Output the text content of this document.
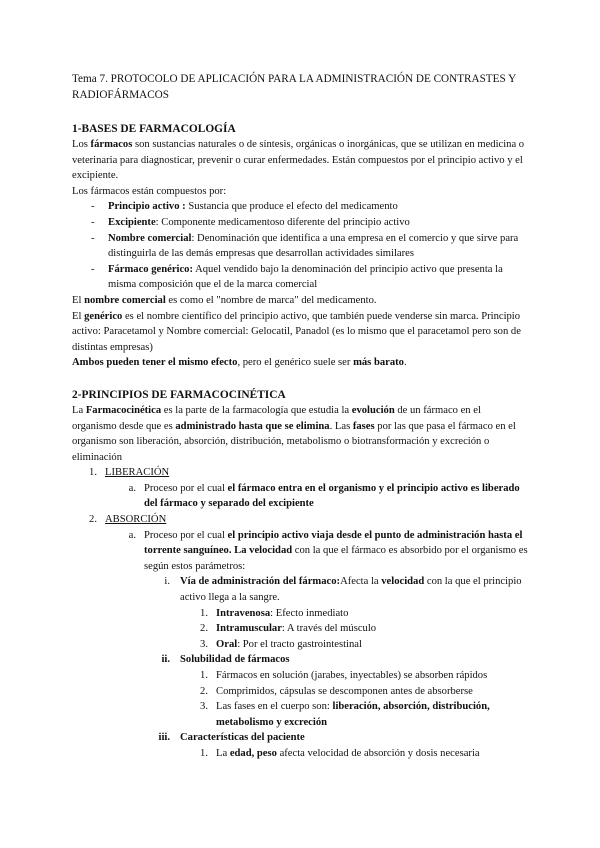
Tema 7. PROTOCOLO DE APLICACIÓN PARA LA ADMINISTRACIÓN DE CONTRASTES Y RADIOFÁRMACOS
1-BASES DE FARMACOLOGÍA

Los fármacos son sustancias naturales o de síntesis, orgánicas o inorgánicas, que se utilizan en medicina o veterinaria para diagnosticar, prevenir o curar enfermedades. Están compuestos por el principio activo y el excipiente.

Los fármacos están compuestos por:

- Principio activo : Sustancia que produce el efecto del medicamento
- Excipiente: Componente medicamentoso diferente del principio activo
- Nombre comercial: Denominación que identifica a una empresa en el comercio y que sirve para distinguirla de las demás empresas que desarrollan actividades similares
- Fármaco genérico: Aquel vendido bajo la denominación del principio activo que presenta la misma composición que el de la marca comercial

El nombre comercial es como el "nombre de marca" del medicamento.

El genérico es el nombre científico del principio activo, que también puede venderse sin marca. Principio activo: Paracetamol y Nombre comercial: Gelocatil, Panadol (es lo mismo que el paracetamol pero son de distintas empresas)

Ambos pueden tener el mismo efecto, pero el genérico suele ser más barato.

2-PRINCIPIOS DE FARMACOCINÉTICA

La Farmacocinética es la parte de la farmacología que estudia la evolución de un fármaco en el organismo desde que es administrado hasta que se elimina. Las fases por las que pasa el fármaco en el organismo son liberación, absorción, distribución, metabolismo o biotransformación y excreción o eliminación

1. LIBERACIÓN
a. Proceso por el cual el fármaco entra en el organismo y el principio activo es liberado del fármaco y separado del excipiente
2. ABSORCIÓN
a. Proceso por el cual el principio activo viaja desde el punto de administración hasta el torrente sanguíneo. La velocidad con la que el fármaco es absorbido por el organismo es según estos parámetros:
i. Vía de administración del fármaco:Afecta la velocidad con la que el principio activo llega a la sangre.
1. Intravenosa: Efecto inmediato
2. Intramuscular: A través del músculo
3. Oral: Por el tracto gastrointestinal
ii. Solubilidad de fármacos
1. Fármacos en solución (jarabes, inyectables) se absorben rápidos
2. Comprimidos, cápsulas se descomponen antes de absorberse
3. Las fases en el cuerpo son: liberación, absorción, distribución, metabolismo y excreción
iii. Características del paciente
1. La edad, peso afecta velocidad de absorción y dosis necesaria
